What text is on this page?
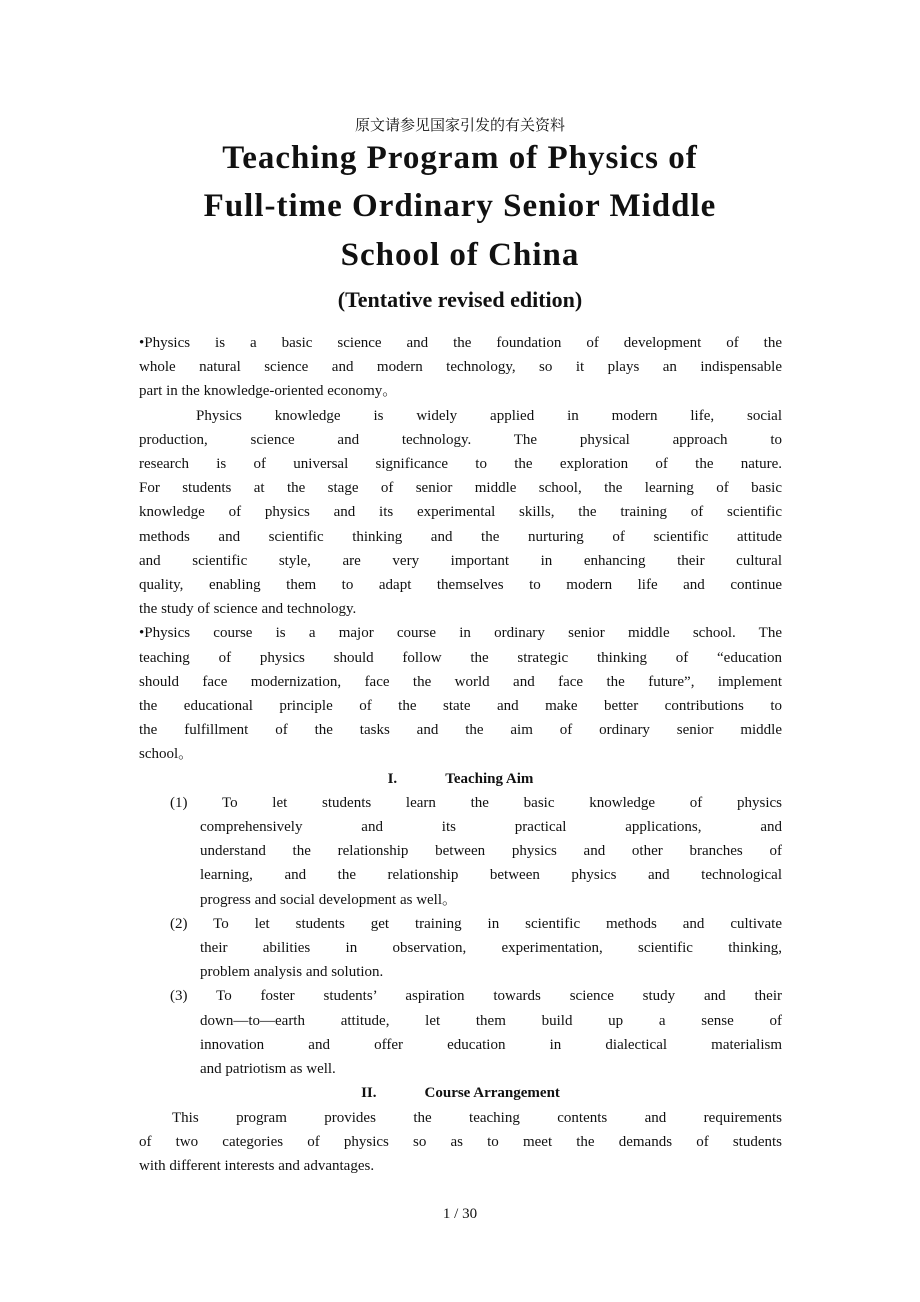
原文请参见国家引发的有关资料
Teaching Program of Physics of
Full-time Ordinary Senior Middle
School of China
(Tentative revised edition)
•Physics is a basic science and the foundation of development of the
whole natural science and modern technology, so it plays an indispensable
part in the knowledge-oriented economy。
Physics knowledge is widely applied in modern life, social
production, science and technology. The physical approach to
research is of universal significance to the exploration of the nature.
For students at the stage of senior middle school, the learning of basic
knowledge of physics and its experimental skills, the training of scientific
methods and scientific thinking and the nurturing of scientific attitude
and scientific style, are very important in enhancing their cultural
quality, enabling them to adapt themselves to modern life and continue
the study of science and technology.
•Physics course is a major course in ordinary senior middle school. The
teaching of physics should follow the strategic thinking of “education
should face modernization, face the world and face the future”, implement
the educational principle of the state and make better contributions to
the fulfillment of the tasks and the aim of ordinary senior middle
school。
I.	Teaching Aim
(1) To let students learn the basic knowledge of physics
comprehensively and its practical applications, and
understand the relationship between physics and other branches of
learning, and the relationship between physics and technological
progress and social development as well。
(2) To let students get training in scientific methods and cultivate
their abilities in observation, experimentation, scientific thinking,
problem analysis and solution.
(3) To foster students’ aspiration towards science study and their
down—to—earth attitude, let them build up a sense of
innovation and offer education in dialectical materialism
and patriotism as well.
II.	Course Arrangement
This program provides the teaching contents and requirements
of two categories of physics so as to meet the demands of students
with different interests and advantages.
1 / 30
